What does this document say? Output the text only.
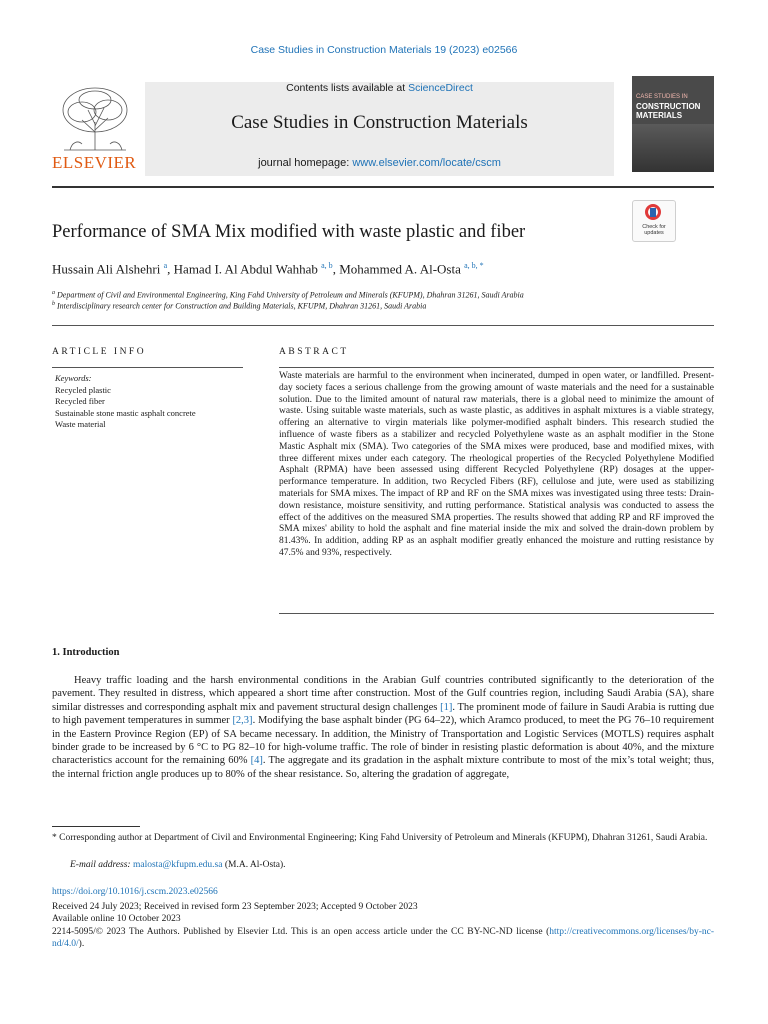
Case Studies in Construction Materials 19 (2023) e02566
Contents lists available at ScienceDirect
Case Studies in Construction Materials
journal homepage: www.elsevier.com/locate/cscm
ELSEVIER
CASE STUDIES IN
CONSTRUCTION MATERIALS
Performance of SMA Mix modified with waste plastic and fiber	Check for updates
Hussain Ali Alshehri $^a$, Hamad I. Al Abdul Wahhab $^{a, b}$, Mohammed A. Al-Osta $^{a, b, *}$
$^a$ Department of Civil and Environmental Engineering, King Fahd University of Petroleum and Minerals (KFUPM), Dhahran 31261, Saudi Arabia
$^b$ Interdisciplinary research center for Construction and Building Materials, KFUPM, Dhahran 31261, Saudi Arabia
ARTICLE INFO	ABSTRACT
Keywords:
Recycled plastic
Recycled fiber
Sustainable stone mastic asphalt concrete
Waste material
Waste materials are harmful to the environment when incinerated, dumped in open water, or landfilled. Present-day society faces a serious challenge from the growing amount of waste materials and the need for a sustainable solution. Due to the limited amount of natural raw materials, there is a global need to minimize the amount of waste. Using suitable waste materials, such as waste plastic, as additives in asphalt mixtures is a viable strategy, offering an alternative to virgin materials like polymer-modified asphalt binders. This research studied the influence of waste fibers as a stabilizer and recycled Polyethylene waste as an asphalt modifier in the Stone Mastic Asphalt mix (SMA). Two categories of the SMA mixes were produced, base and modified mixes, with three different mixes under each category. The rheological properties of the Recycled Polyethylene Modified Asphalt (RPMA) have been assessed using different Recycled Polyethylene (RP) dosages at the upper-performance temperature. In addition, two Recycled Fibers (RF), cellulose and jute, were used as stabilizing materials for SMA mixes. The impact of RP and RF on the SMA mixes was investigated using three tests: Drain-down resistance, moisture sensitivity, and rutting performance. Statistical analysis was conducted to assess the effect of the additives on the measured SMA properties. The results showed that adding RP and RF improved the SMA mixes' ability to hold the asphalt and fine material inside the mix and solved the drain-down problem by 81.43%. In addition, adding RP as an asphalt modifier greatly enhanced the moisture and rutting resistance by 47.5% and 93%, respectively.
1. Introduction
Heavy traffic loading and the harsh environmental conditions in the Arabian Gulf countries contributed significantly to the deterioration of the pavement. They resulted in distress, which appeared a short time after construction. Most of the Gulf countries region, including Saudi Arabia (SA), share similar distresses and corresponding asphalt mix and pavement structural design challenges [1]. The prominent mode of failure in Saudi Arabia is rutting due to high pavement temperatures in summer [2,3]. Modifying the base asphalt binder (PG 64–22), which Aramco produced, to meet the PG 76–10 requirement in the Eastern Province Region (EP) of SA became necessary. In addition, the Ministry of Transportation and Logistic Services (MOTLS) requires asphalt binder grade to be increased by 6 °C to PG 82–10 for high-volume traffic. The role of binder in resisting plastic deformation is about 40%, and the mixture characteristics account for the remaining 60% [4]. The aggregate and its gradation in the asphalt mixture contribute to most of the mix’s total weight; thus, the internal friction angle produces up to 80% of the shear resistance. So, altering the gradation of aggregate,
* Corresponding author at Department of Civil and Environmental Engineering; King Fahd University of Petroleum and Minerals (KFUPM), Dhahran 31261, Saudi Arabia.
E-mail address: malosta@kfupm.edu.sa (M.A. Al-Osta).
https://doi.org/10.1016/j.cscm.2023.e02566
Received 24 July 2023; Received in revised form 23 September 2023; Accepted 9 October 2023
Available online 10 October 2023
2214-5095/© 2023 The Authors. Published by Elsevier Ltd. This is an open access article under the CC BY-NC-ND license (http://creativecommons.org/licenses/by-nc-nd/4.0/).
